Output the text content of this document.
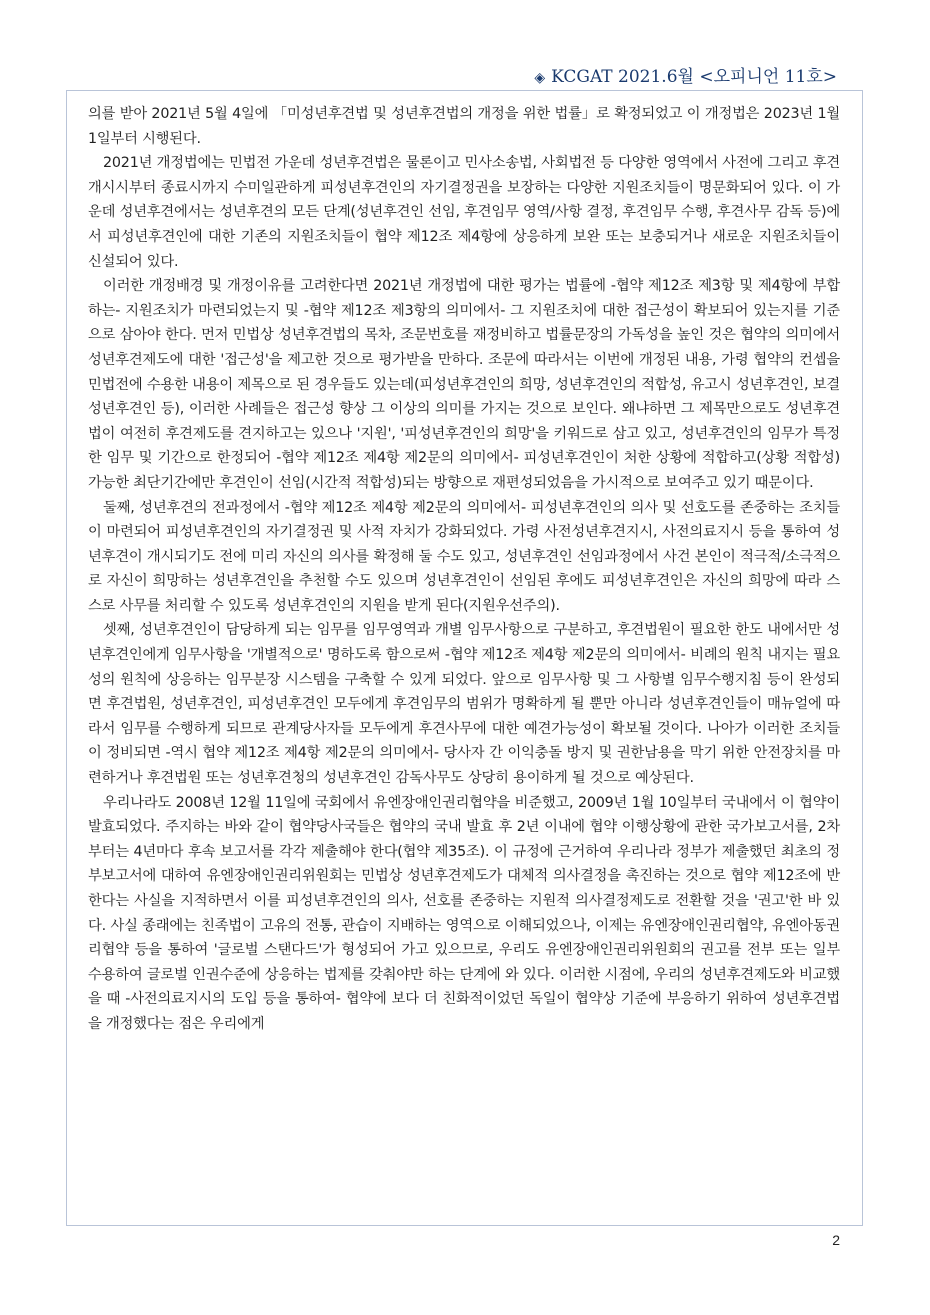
◈ KCGAT 2021.6월 <오피니언 11호>

의를 받아 2021년 5월 4일에 「미성년후견법 및 성년후견법의 개정을 위한 법률」로 확정되었고 이 개정법은 2023년 1월 1일부터 시행된다.

2021년 개정법에는 민법전 가운데 성년후견법은 물론이고 민사소송법, 사회법전 등 다양한 영역에서 사전에 그리고 후견 개시시부터 종료시까지 수미일관하게 피성년후견인의 자기결정권을 보장하는 다양한 지원조치들이 명문화되어 있다. 이 가운데 성년후견에서는 성년후견의 모든 단계(성년후견인 선임, 후견임무 영역/사항 결정, 후견임무 수행, 후견사무 감독 등)에서 피성년후견인에 대한 기존의 지원조치들이 협약 제12조 제4항에 상응하게 보완 또는 보충되거나 새로운 지원조치들이 신설되어 있다.

이러한 개정배경 및 개정이유를 고려한다면 2021년 개정법에 대한 평가는 법률에 -협약 제12조 제3항 및 제4항에 부합하는- 지원조치가 마련되었는지 및 -협약 제12조 제3항의 의미에서- 그 지원조치에 대한 접근성이 확보되어 있는지를 기준으로 삼아야 한다. 먼저 민법상 성년후견법의 목차, 조문번호를 재정비하고 법률문장의 가독성을 높인 것은 협약의 의미에서 성년후견제도에 대한 '접근성'을 제고한 것으로 평가받을 만하다. 조문에 따라서는 이번에 개정된 내용, 가령 협약의 컨셉을 민법전에 수용한 내용이 제목으로 된 경우들도 있는데(피성년후견인의 희망, 성년후견인의 적합성, 유고시 성년후견인, 보결 성년후견인 등), 이러한 사례들은 접근성 향상 그 이상의 의미를 가지는 것으로 보인다. 왜냐하면 그 제목만으로도 성년후견법이 여전히 후견제도를 견지하고는 있으나 '지원', '피성년후견인의 희망'을 키워드로 삼고 있고, 성년후견인의 임무가 특정한 임무 및 기간으로 한정되어 -협약 제12조 제4항 제2문의 의미에서- 피성년후견인이 처한 상황에 적합하고(상황 적합성) 가능한 최단기간에만 후견인이 선임(시간적 적합성)되는 방향으로 재편성되었음을 가시적으로 보여주고 있기 때문이다.

둘째, 성년후견의 전과정에서 -협약 제12조 제4항 제2문의 의미에서- 피성년후견인의 의사 및 선호도를 존중하는 조치들이 마련되어 피성년후견인의 자기결정권 및 사적 자치가 강화되었다. 가령 사전성년후견지시, 사전의료지시 등을 통하여 성년후견이 개시되기도 전에 미리 자신의 의사를 확정해 둘 수도 있고, 성년후견인 선임과정에서 사건 본인이 적극적/소극적으로 자신이 희망하는 성년후견인을 추천할 수도 있으며 성년후견인이 선임된 후에도 피성년후견인은 자신의 희망에 따라 스스로 사무를 처리할 수 있도록 성년후견인의 지원을 받게 된다(지원우선주의).

셋째, 성년후견인이 담당하게 되는 임무를 임무영역과 개별 임무사항으로 구분하고, 후견법원이 필요한 한도 내에서만 성년후견인에게 임무사항을 '개별적으로' 명하도록 함으로써 -협약 제12조 제4항 제2문의 의미에서- 비례의 원칙 내지는 필요성의 원칙에 상응하는 임무분장 시스템을 구축할 수 있게 되었다. 앞으로 임무사항 및 그 사항별 임무수행지침 등이 완성되면 후견법원, 성년후견인, 피성년후견인 모두에게 후견임무의 범위가 명확하게 될 뿐만 아니라 성년후견인들이 매뉴얼에 따라서 임무를 수행하게 되므로 관계당사자들 모두에게 후견사무에 대한 예견가능성이 확보될 것이다. 나아가 이러한 조치들이 정비되면 -역시 협약 제12조 제4항 제2문의 의미에서- 당사자 간 이익충돌 방지 및 권한남용을 막기 위한 안전장치를 마련하거나 후견법원 또는 성년후견청의 성년후견인 감독사무도 상당히 용이하게 될 것으로 예상된다.

우리나라도 2008년 12월 11일에 국회에서 유엔장애인권리협약을 비준했고, 2009년 1월 10일부터 국내에서 이 협약이 발효되었다. 주지하는 바와 같이 협약당사국들은 협약의 국내 발효 후 2년 이내에 협약 이행상황에 관한 국가보고서를, 2차부터는 4년마다 후속 보고서를 각각 제출해야 한다(협약 제35조). 이 규정에 근거하여 우리나라 정부가 제출했던 최초의 정부보고서에 대하여 유엔장애인권리위원회는 민법상 성년후견제도가 대체적 의사결정을 촉진하는 것으로 협약 제12조에 반한다는 사실을 지적하면서 이를 피성년후견인의 의사, 선호를 존중하는 지원적 의사결정제도로 전환할 것을 '권고'한 바 있다. 사실 종래에는 친족법이 고유의 전통, 관습이 지배하는 영역으로 이해되었으나, 이제는 유엔장애인권리협약, 유엔아동권리협약 등을 통하여 '글로벌 스탠다드'가 형성되어 가고 있으므로, 우리도 유엔장애인권리위원회의 권고를 전부 또는 일부 수용하여 글로벌 인권수준에 상응하는 법제를 갖춰야만 하는 단계에 와 있다. 이러한 시점에, 우리의 성년후견제도와 비교했을 때 -사전의료지시의 도입 등을 통하여- 협약에 보다 더 친화적이었던 독일이 협약상 기준에 부응하기 위하여 성년후견법을 개정했다는 점은 우리에게

2
